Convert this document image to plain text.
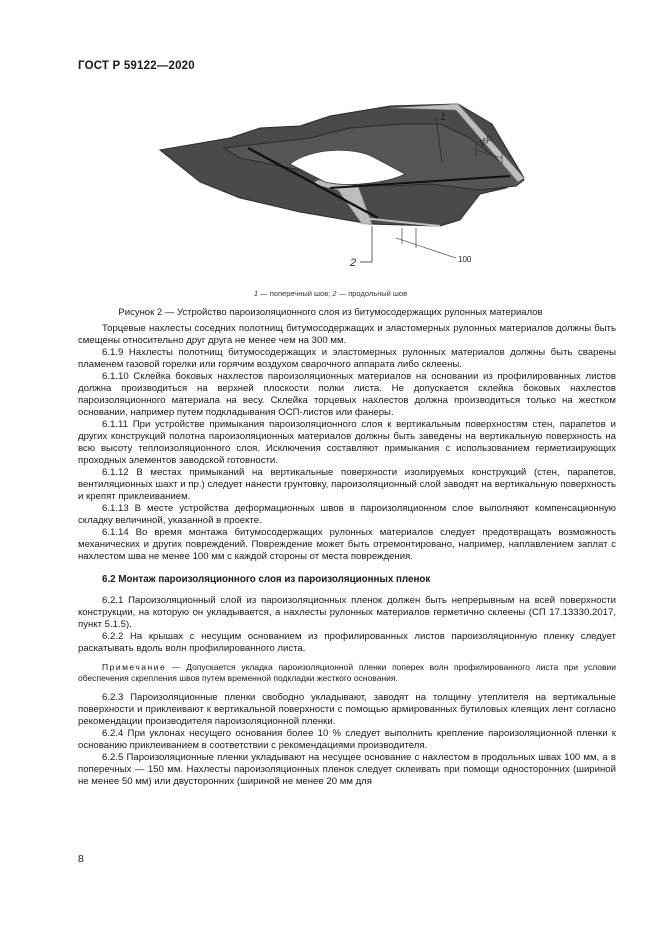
ГОСТ Р 59122—2020
1
150
2	100
1 — поперечный шов; 2 — продольный шов
Рисунок 2 — Устройство пароизоляционного слоя из битумосодержащих рулонных материалов

Торцевые нахлесты соседних полотнищ битумосодержащих и эластомерных рулонных материалов должны быть смещены относительно друг друга не менее чем на 300 мм.

6.1.9 Нахлесты полотнищ битумосодержащих и эластомерных рулонных материалов должны быть сварены пламенем газовой горелки или горячим воздухом сварочного аппарата либо склеены.

6.1.10 Склейка боковых нахлестов пароизоляционных материалов на основании из профилированных листов должна производиться на верхней плоскости полки листа. Не допускается склейка боковых нахлестов пароизоляционного материала на весу. Склейка торцевых нахлестов должна производиться только на жестком основании, например путем подкладывания ОСП-листов или фанеры.

6.1.11 При устройстве примыкания пароизоляционного слоя к вертикальным поверхностям стен, парапетов и других конструкций полотна пароизоляционных материалов должны быть заведены на вертикальную поверхность на всю высоту теплоизоляционного слоя. Исключения составляют примыкания с использованием герметизирующих проходных элементов заводской готовности.

6.1.12 В местах примыканий на вертикальные поверхности изолируемых конструкций (стен, парапетов, вентиляционных шахт и пр.) следует нанести грунтовку, пароизоляционный слой заводят на вертикальную поверхность и крепят приклеиванием.

6.1.13 В месте устройства деформационных швов в пароизоляционном слое выполняют компенсационную складку величиной, указанной в проекте.

6.1.14 Во время монтажа битумосодержащих рулонных материалов следует предотвращать возможность механических и других повреждений. Повреждение может быть отремонтировано, например, наплавлением заплат с нахлестом шва не менее 100 мм с каждой стороны от места повреждения.

6.2 Монтаж пароизоляционного слоя из пароизоляционных пленок

6.2.1 Пароизоляционный слой из пароизоляционных пленок должен быть непрерывным на всей поверхности конструкции, на которую он укладывается, а нахлесты рулонных материалов герметично склеены (СП 17.13330.2017, пункт 5.1.5).

6.2.2 На крышах с несущим основанием из профилированных листов пароизоляционную пленку следует раскатывать вдоль волн профилированного листа.

Примечание — Допускается укладка пароизоляционной пленки поперек волн профилированного листа при условии обеспечения скрепления швов путем временной подкладки жесткого основания.

6.2.3 Пароизоляционные пленки свободно укладывают, заводят на толщину утеплителя на вертикальные поверхности и приклеивают к вертикальной поверхности с помощью армированных бутиловых клеящих лент согласно рекомендации производителя пароизоляционной пленки.

6.2.4 При уклонах несущего основания более 10 % следует выполнить крепление пароизоляционной пленки к основанию приклеиванием в соответствии с рекомендациями производителя.

6.2.5 Пароизоляционные пленки укладывают на несущее основание с нахлестом в продольных швах 100 мм, а в поперечных — 150 мм. Нахлесты пароизоляционных пленок следует склеивать при помощи односторонних (шириной не менее 50 мм) или двусторонних (шириной не менее 20 мм для

8
